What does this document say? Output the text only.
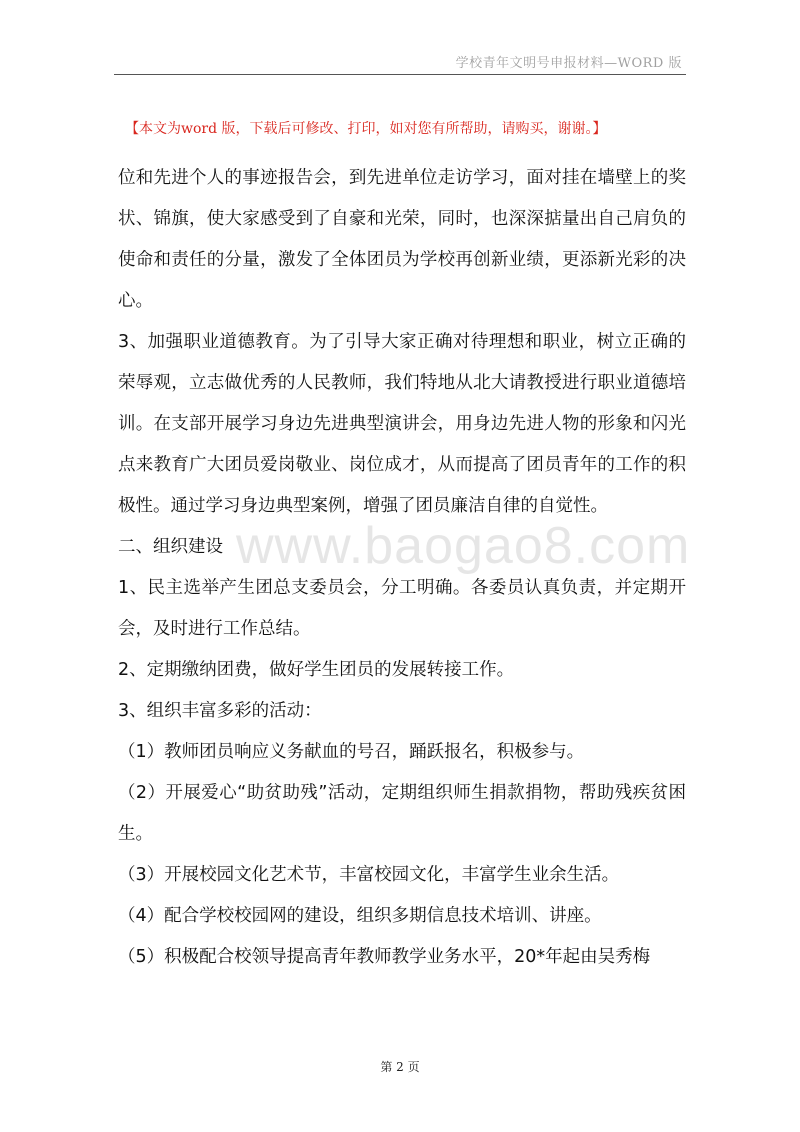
学校青年文明号申报材料—WORD 版
【本文为word 版，下载后可修改、打印，如对您有所帮助，请购买，谢谢。】
www.baogao8.com

位和先进个人的事迹报告会，到先进单位走访学习，面对挂在墙壁上的奖状、锦旗，使大家感受到了自豪和光荣，同时，也深深掂量出自己肩负的使命和责任的分量，激发了全体团员为学校再创新业绩，更添新光彩的决心。

3、加强职业道德教育。为了引导大家正确对待理想和职业，树立正确的荣辱观，立志做优秀的人民教师，我们特地从北大请教授进行职业道德培训。在支部开展学习身边先进典型演讲会，用身边先进人物的形象和闪光点来教育广大团员爱岗敬业、岗位成才，从而提高了团员青年的工作的积极性。通过学习身边典型案例，增强了团员廉洁自律的自觉性。

二、组织建设

1、民主选举产生团总支委员会，分工明确。各委员认真负责，并定期开会，及时进行工作总结。

2、定期缴纳团费，做好学生团员的发展转接工作。

3、组织丰富多彩的活动：

（1）教师团员响应义务献血的号召，踊跃报名，积极参与。

（2）开展爱心“助贫助残”活动，定期组织师生捐款捐物，帮助残疾贫困生。

（3）开展校园文化艺术节，丰富校园文化，丰富学生业余生活。

（4）配合学校校园网的建设，组织多期信息技术培训、讲座。

（5）积极配合校领导提高青年教师教学业务水平，20*年起由吴秀梅

第 2 页
